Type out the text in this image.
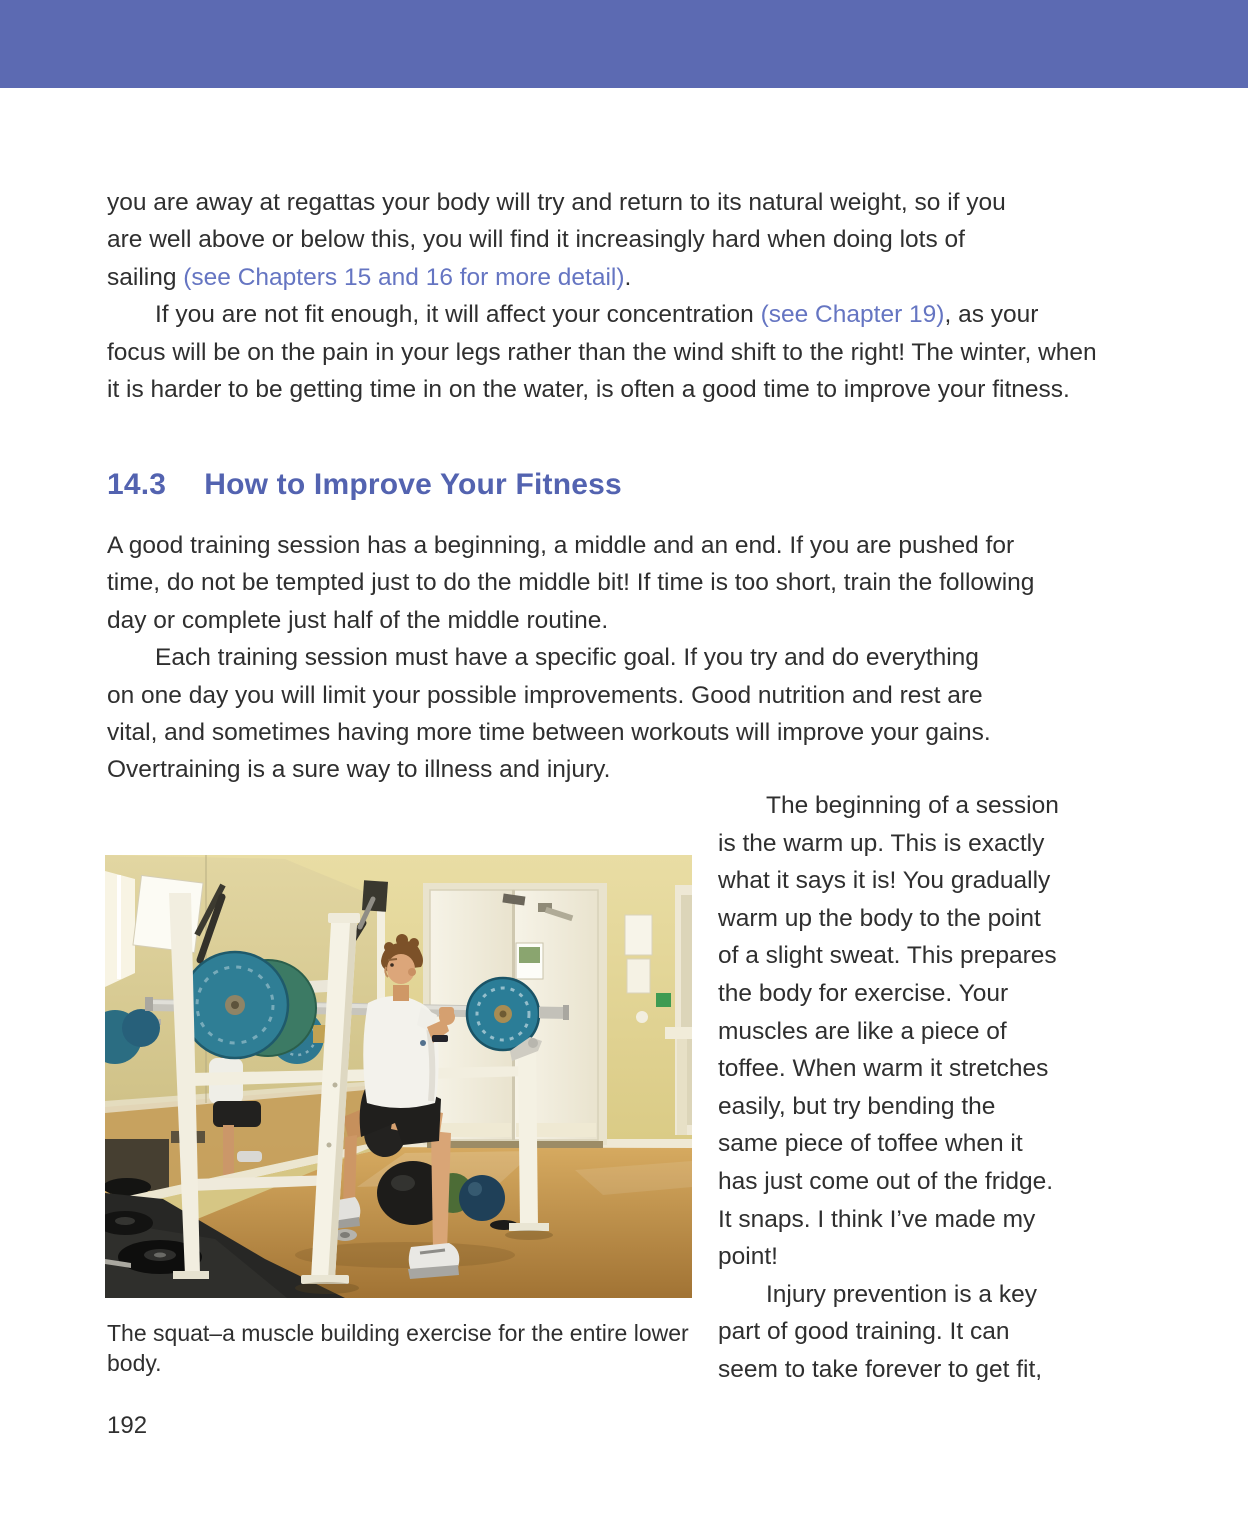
you are away at regattas your body will try and return to its natural weight, so if you
are well above or below this, you will find it increasingly hard when doing lots of
sailing (see Chapters 15 and 16 for more detail).
If you are not fit enough, it will affect your concentration (see Chapter 19), as your
focus will be on the pain in your legs rather than the wind shift to the right! The winter, when
it is harder to be getting time in on the water, is often a good time to improve your fitness.
14.3 How to Improve Your Fitness
A good training session has a beginning, a middle and an end. If you are pushed for
time, do not be tempted just to do the middle bit! If time is too short, train the following
day or complete just half of the middle routine.
Each training session must have a specific goal. If you try and do everything
on one day you will limit your possible improvements. Good nutrition and rest are
vital, and sometimes having more time between workouts will improve your gains.
Overtraining is a sure way to illness and injury.
The beginning of a session
is the warm up. This is exactly
what it says it is! You gradually
warm up the body to the point
of a slight sweat. This prepares
the body for exercise. Your
muscles are like a piece of
toffee. When warm it stretches
easily, but try bending the
same piece of toffee when it
has just come out of the fridge.
It snaps. I think I’ve made my
point!
Injury prevention is a key
part of good training. It can
seem to take forever to get fit,
The squat–a muscle building exercise for the entire lower
body.
192
